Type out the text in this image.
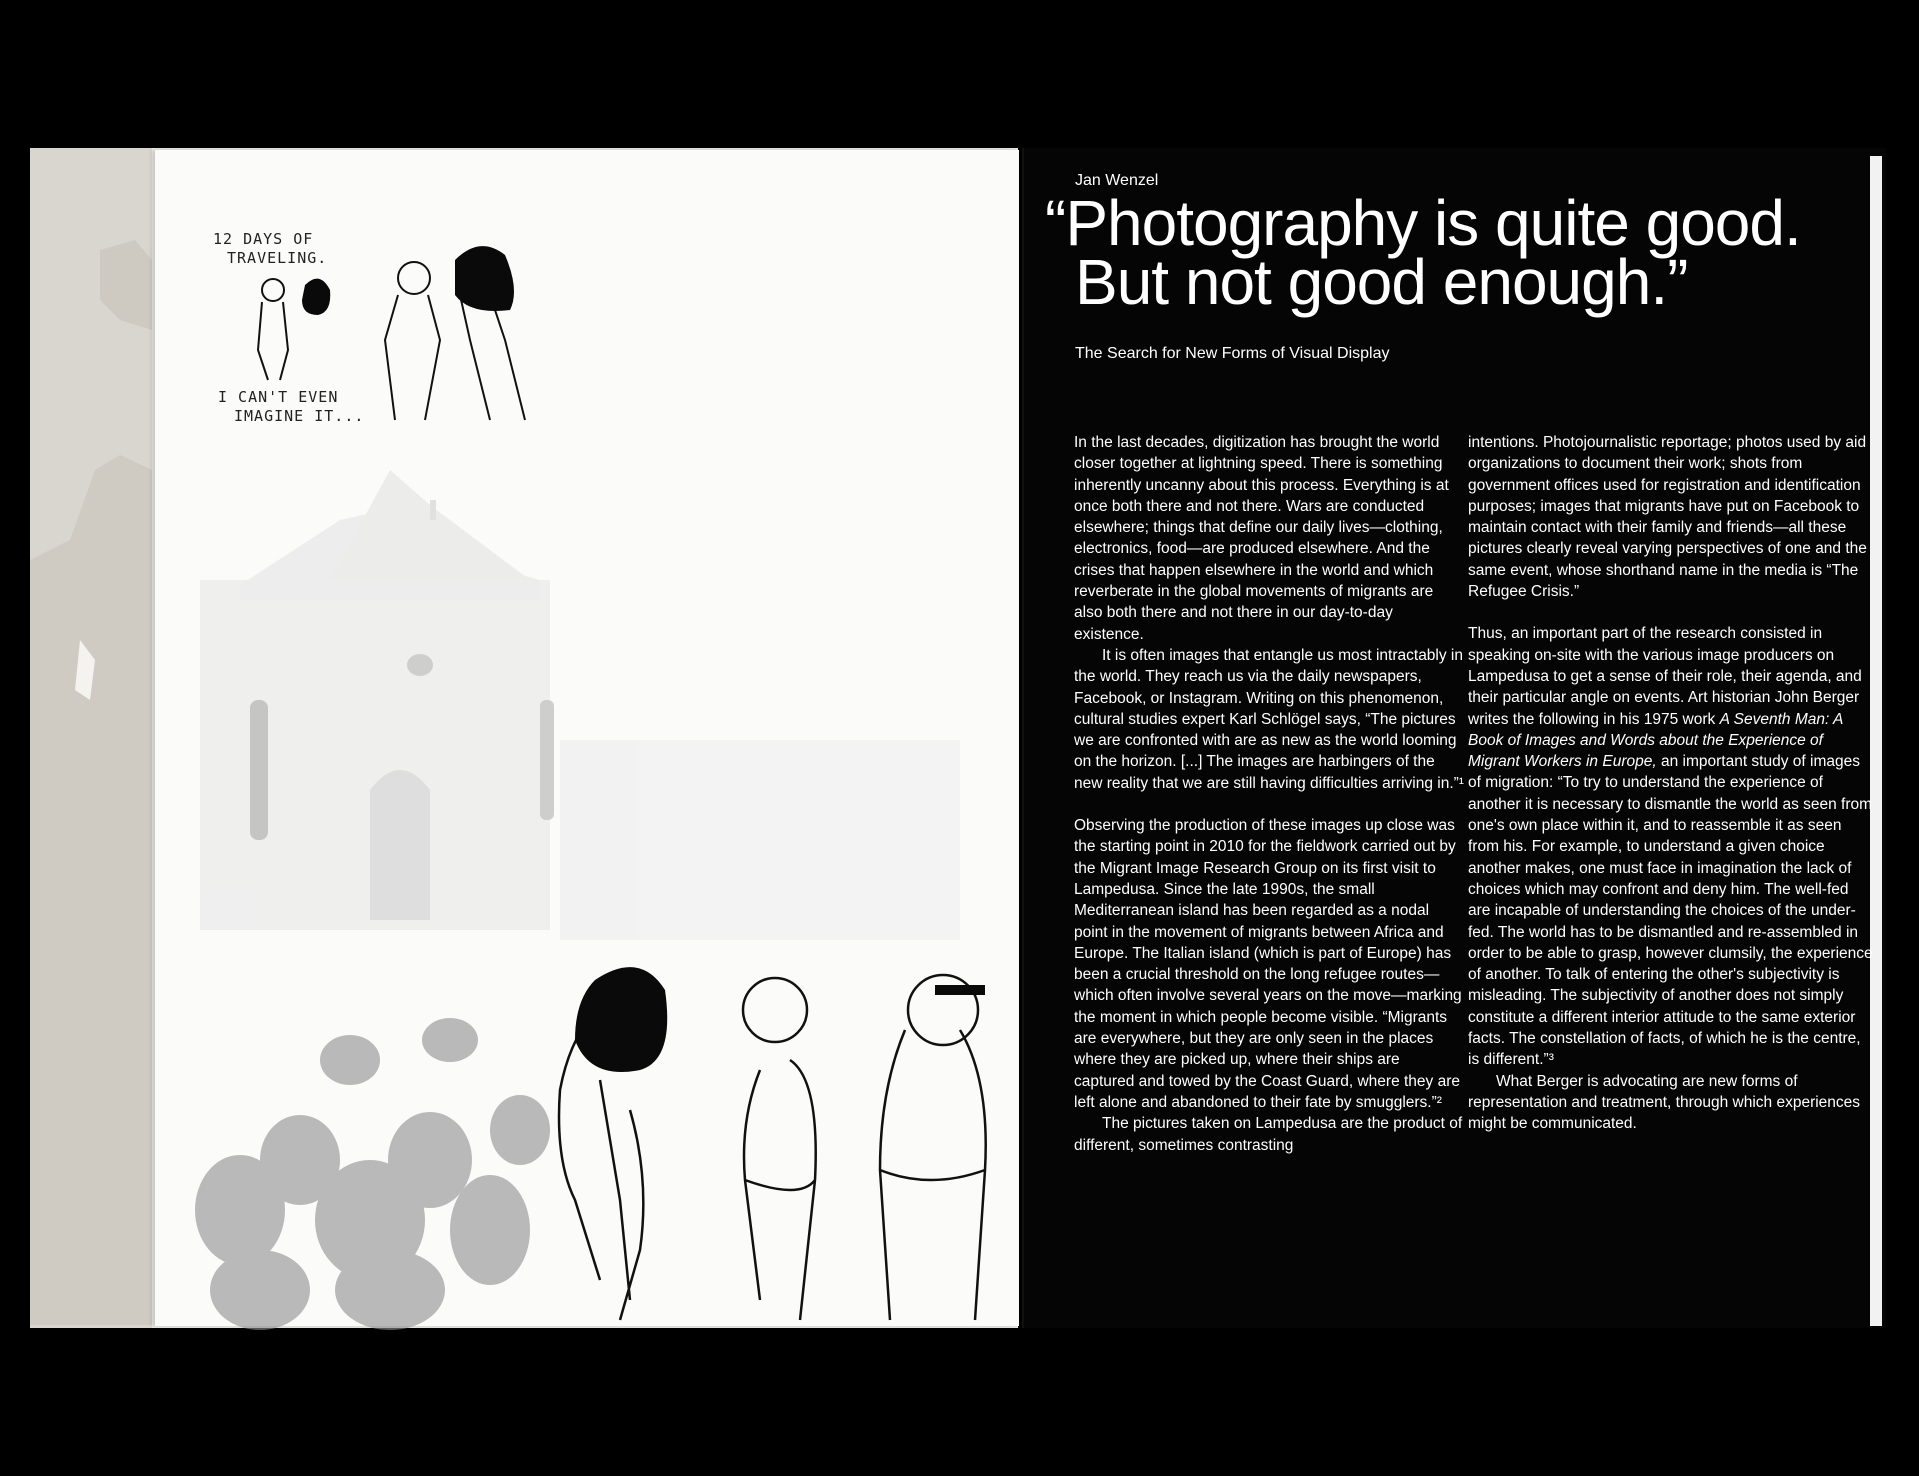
12 DAYS OF
TRAVELING.
I CAN'T EVEN
IMAGINE IT...
Jan Wenzel
“Photography is quite good.
But not good enough.”
The Search for New Forms of Visual Display

In the last decades, digitization has brought the world closer together at lightning speed. There is something inherently uncanny about this process. Everything is at once both there and not there. Wars are conducted elsewhere; things that define our daily lives—clothing, electronics, food—are produced elsewhere. And the crises that happen elsewhere in the world and which reverberate in the global movements of migrants are also both there and not there in our day-to-day existence.

It is often images that entangle us most intractably in the world. They reach us via the daily newspapers, Facebook, or Instagram. Writing on this phenomenon, cultural studies expert Karl Schlögel says, “The pictures we are confronted with are as new as the world looming on the horizon. [...] The images are harbingers of the new reality that we are still having difficulties arriving in.”¹

Observing the production of these images up close was the starting point in 2010 for the fieldwork carried out by the Migrant Image Research Group on its first visit to Lampedusa. Since the late 1990s, the small Mediterranean island has been regarded as a nodal point in the movement of migrants between Africa and Europe. The Italian island (which is part of Europe) has been a crucial threshold on the long refugee routes—which often involve several years on the move—marking the moment in which people become visible. “Migrants are everywhere, but they are only seen in the places where they are picked up, where their ships are captured and towed by the Coast Guard, where they are left alone and abandoned to their fate by smugglers.”²

The pictures taken on Lampedusa are the product of different, sometimes contrasting

intentions. Photojournalistic reportage; photos used by aid organizations to document their work; shots from government offices used for registration and identification purposes; images that migrants have put on Facebook to maintain contact with their family and friends—all these pictures clearly reveal varying perspectives of one and the same event, whose shorthand name in the media is “The Refugee Crisis.”

Thus, an important part of the research consisted in speaking on-site with the various image producers on Lampedusa to get a sense of their role, their agenda, and their particular angle on events. Art historian John Berger writes the following in his 1975 work A Seventh Man: A Book of Images and Words about the Experience of Migrant Workers in Europe, an important study of images of migration: “To try to understand the experience of another it is necessary to dismantle the world as seen from one's own place within it, and to reassemble it as seen from his. For example, to understand a given choice another makes, one must face in imagination the lack of choices which may confront and deny him. The well-fed are incapable of understanding the choices of the under-fed. The world has to be dismantled and re-assembled in order to be able to grasp, however clumsily, the experience of another. To talk of entering the other's subjectivity is misleading. The subjectivity of another does not simply constitute a different interior attitude to the same exterior facts. The constellation of facts, of which he is the centre, is different.”³

What Berger is advocating are new forms of representation and treatment, through which experiences might be communicated.
